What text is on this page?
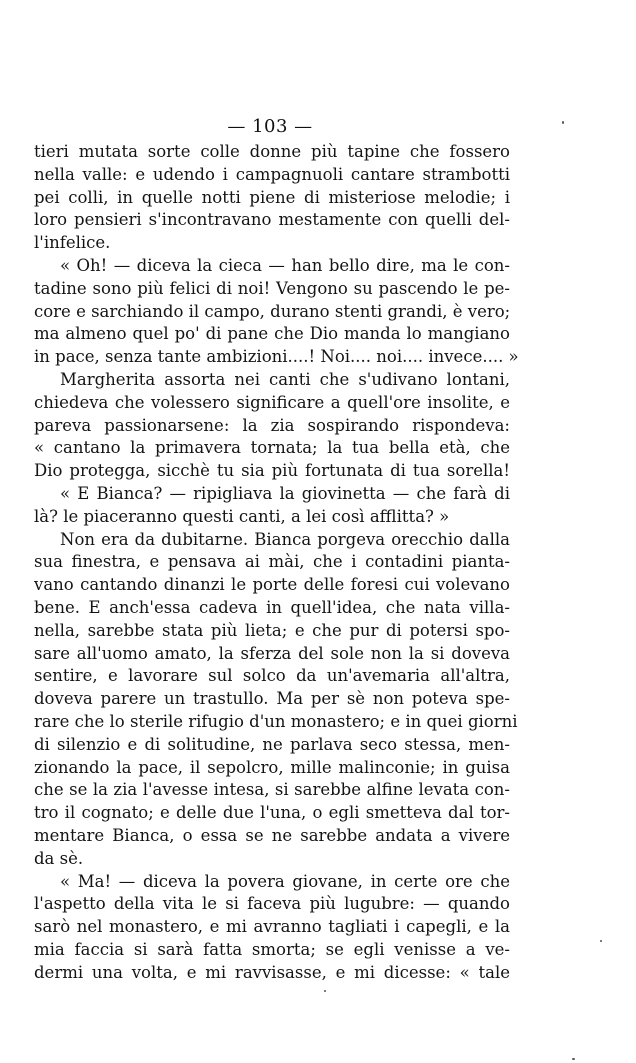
— 103 —
tieri mutata sorte colle donne più tapine che fossero
nella valle: e udendo i campagnuoli cantare strambotti
pei colli, in quelle notti piene di misteriose melodie; i
loro pensieri s'incontravano mestamente con quelli del-
l'infelice.
« Oh! — diceva la cieca — han bello dire, ma le con-
tadine sono più felici di noi! Vengono su pascendo le pe-
core e sarchiando il campo, durano stenti grandi, è vero;
ma almeno quel po' di pane che Dio manda lo mangiano
in pace, senza tante ambizioni....! Noi.... noi.... invece.... »
Margherita assorta nei canti che s'udivano lontani,
chiedeva che volessero significare a quell'ore insolite, e
pareva passionarsene: la zia sospirando rispondeva:
« cantano la primavera tornata; la tua bella età, che
Dio protegga, sicchè tu sia più fortunata di tua sorella!
« E Bianca? — ripigliava la giovinetta — che farà di
là? le piaceranno questi canti, a lei così afflitta? »
Non era da dubitarne. Bianca porgeva orecchio dalla
sua finestra, e pensava ai mài, che i contadini pianta-
vano cantando dinanzi le porte delle foresi cui volevano
bene. E anch'essa cadeva in quell'idea, che nata villa-
nella, sarebbe stata più lieta; e che pur di potersi spo-
sare all'uomo amato, la sferza del sole non la si doveva
sentire, e lavorare sul solco da un'avemaria all'altra,
doveva parere un trastullo. Ma per sè non poteva spe-
rare che lo sterile rifugio d'un monastero; e in quei giorni
di silenzio e di solitudine, ne parlava seco stessa, men-
zionando la pace, il sepolcro, mille malinconie; in guisa
che se la zia l'avesse intesa, si sarebbe alfine levata con-
tro il cognato; e delle due l'una, o egli smetteva dal tor-
mentare Bianca, o essa se ne sarebbe andata a vivere
da sè.
« Ma! — diceva la povera giovane, in certe ore che
l'aspetto della vita le si faceva più lugubre: — quando
sarò nel monastero, e mi avranno tagliati i capegli, e la
mia faccia si sarà fatta smorta; se egli venisse a ve-
dermi una volta, e mi ravvisasse, e mi dicesse: « tale
